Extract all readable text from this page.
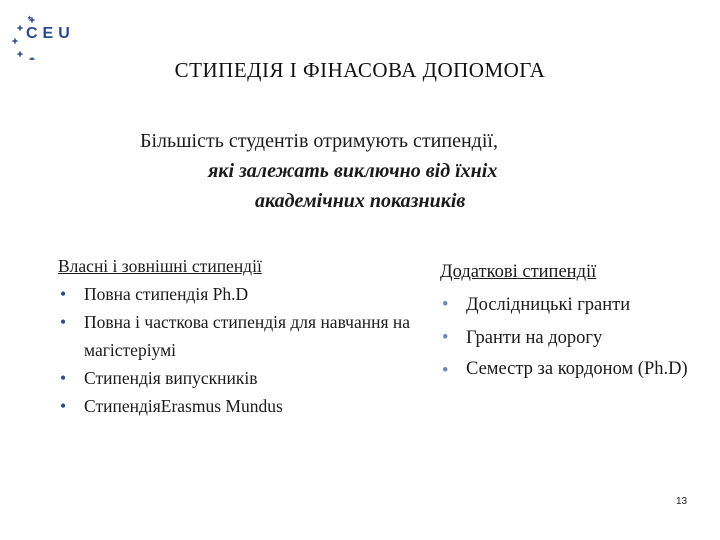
CEU
СТИПЕДІЯ І ФІНАСОВА ДОПОМОГА
Більшість студентів отримують стипендії,
які залежать виключно від їхніх
академічних показників
Власні і зовнішні стипендії
• Повна стипендія Ph.D
• Повна і часткова стипендія для навчання на магістеріумі
• Стипендія випускників
• СтипендіяErasmus Mundus
Додаткові стипендії
• Дослідницькі гранти
• Гранти на дорогу
• Семестр за кордоном (Ph.D)
13
